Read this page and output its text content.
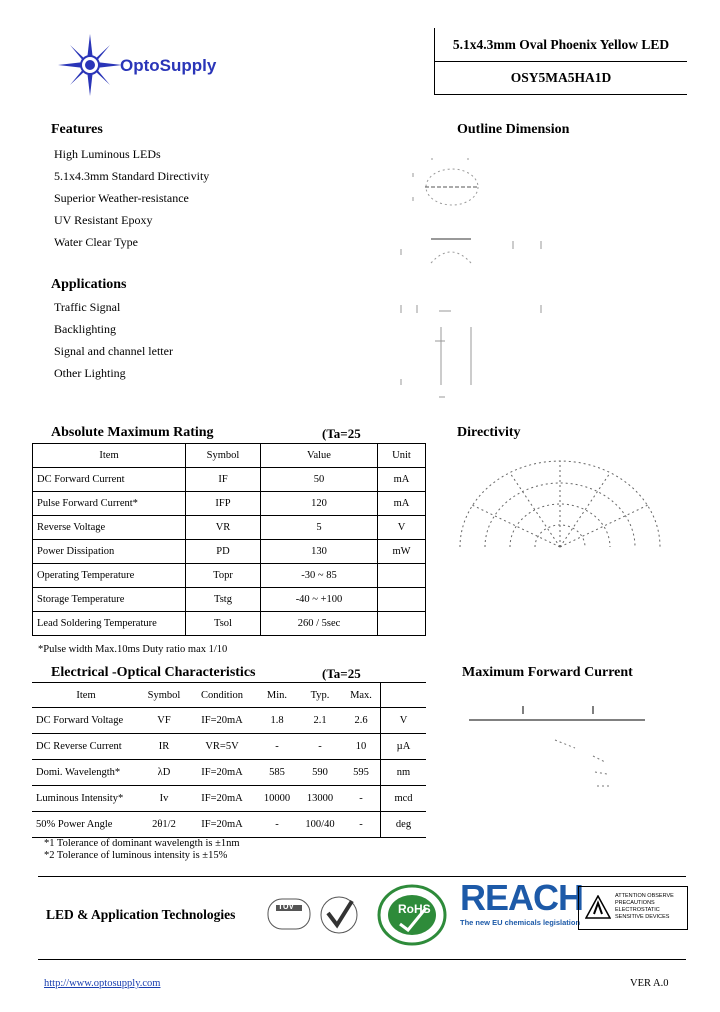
OptoSupply
5.1x4.3mm Oval Phoenix Yellow LED
OSY5MA5HA1D
Features
High Luminous LEDs
5.1x4.3mm Standard Directivity
Superior Weather-resistance
UV Resistant Epoxy
Water Clear Type
Applications
Traffic Signal
Backlighting
Signal and channel letter
Other Lighting
Outline Dimension
Directivity
Absolute Maximum Rating	(Ta=25
Item	Symbol	Value	Unit
DC Forward Current	IF	50	mA
Pulse Forward Current*	IFP	120	mA
Reverse Voltage	VR	5	V
Power Dissipation	PD	130	mW
Operating Temperature	Topr	-30 ~ 85	
Storage Temperature	Tstg	-40 ~ +100	
Lead Soldering Temperature	Tsol	260 / 5sec	
*Pulse width Max.10ms Duty ratio max 1/10
Electrical -Optical Characteristics	(Ta=25
Item	Symbol	Condition	Min.	Typ.	Max.	
DC Forward Voltage	VF	IF=20mA	1.8	2.1	2.6	V
DC Reverse Current	IR	VR=5V	-	-	10	µA
Domi. Wavelength*	λD	IF=20mA	585	590	595	nm
Luminous Intensity*	Iv	IF=20mA	10000	13000	-	mcd
50% Power Angle	2θ1/2	IF=20mA	-	100/40	-	deg
*1 Tolerance of dominant wavelength is ±1nm
*2 Tolerance of luminous intensity is ±15%
Maximum Forward Current
LED & Application Technologies
TÜV	RoHS REACH
The new EU chemicals legislation
ATTENTION OBSERVE PRECAUTIONS ELECTROSTATIC SENSITIVE DEVICES
http://www.optosupply.com	VER A.0
